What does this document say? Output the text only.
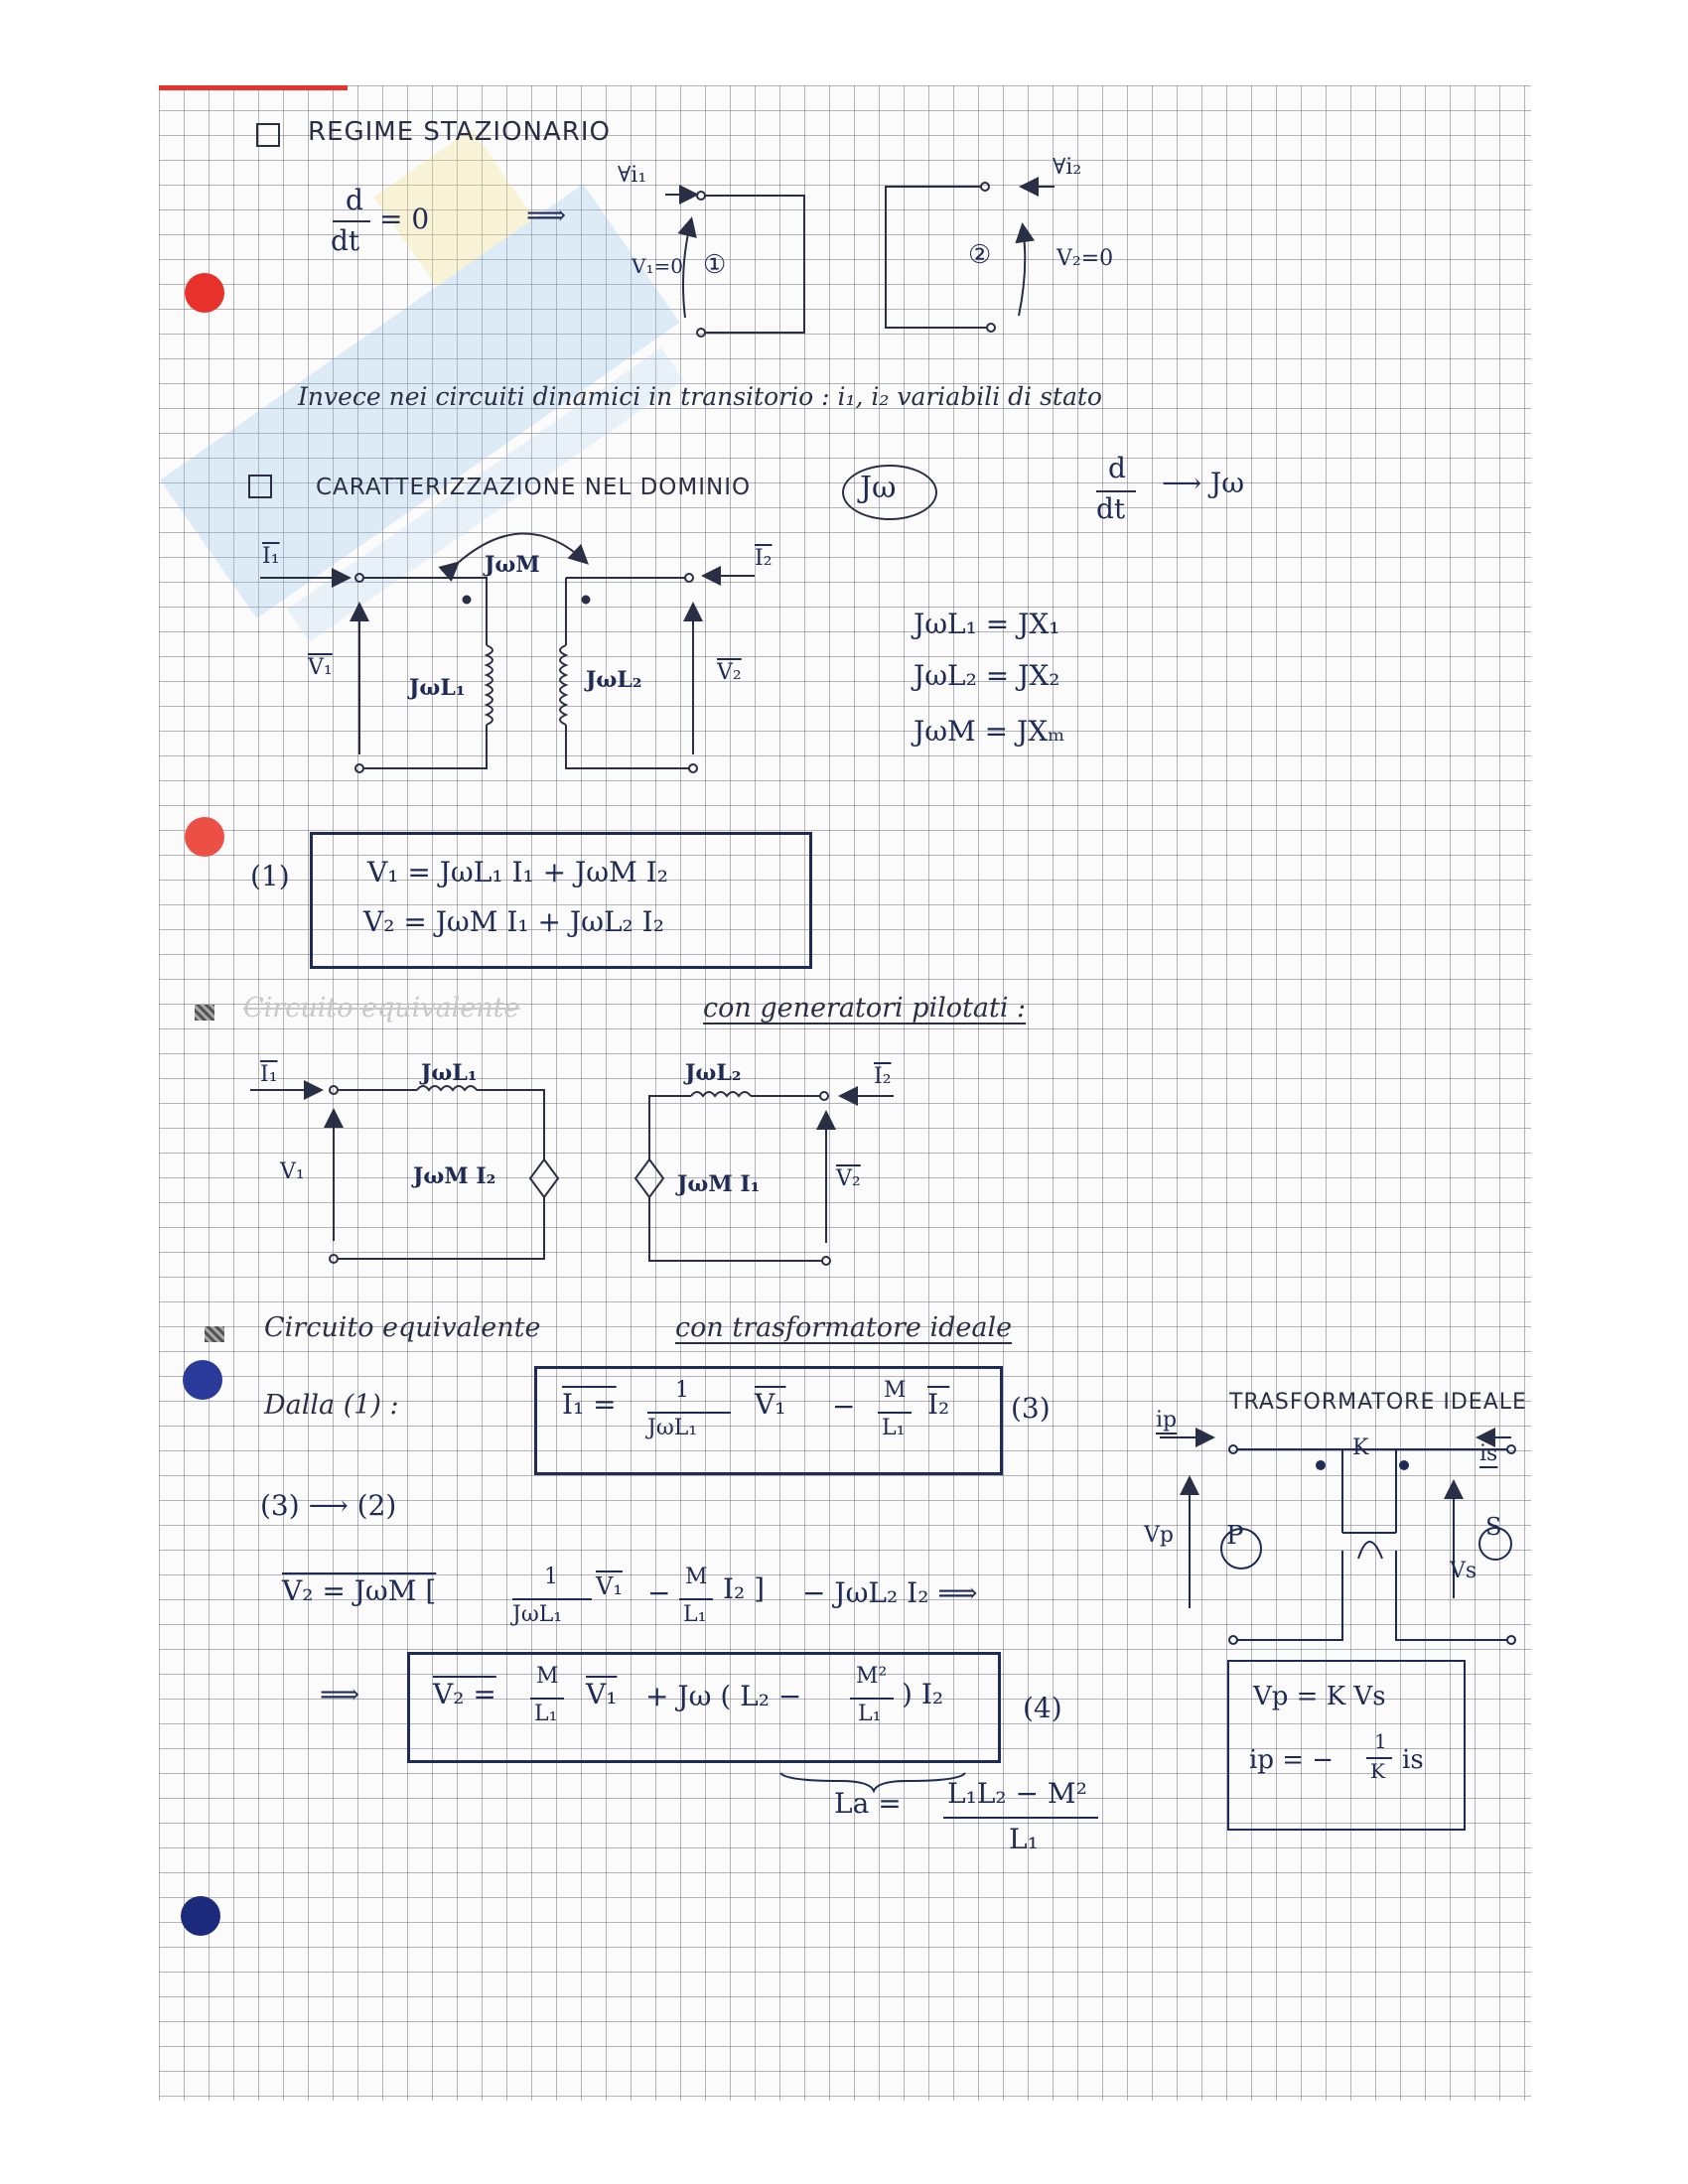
REGIME STAZIONARIO
d
dt
= 0	⟹
∀i₁
V₁=0 ①
∀i₂
②	V₂=0
Invece nei circuiti dinamici in transitorio : i₁, i₂ variabili di stato
CARATTERIZZAZIONE NEL DOMINIO	Jω
d
dt
⟶ Jω
I₁	I₂
V₁	V₂
JωM
JωL₁	JωL₂
JωL₁ = JX₁
JωL₂ = JX₂
JωM = JXₘ
(1)	V₁ = JωL₁ I₁ + JωM I₂
V₂ = JωM I₁ + JωL₂ I₂
Circuito equivalente	con generatori pilotati :
I₁	I₂
V₁	V₂
JωL₁	JωL₂
JωM I₂	JωM I₁
Circuito equivalente	con trasformatore ideale
Dalla (1) :	I₁ =	1
JωL₁
V₁ − M
L₁
I₂ (3)
(3) ⟶ (2)
V₂ = JωM [	1
JωL₁
V₁ − M
L₁
I₂ ] − JωL₂ I₂ ⟹
⟹	V₂ =
M
L₁
V₁ + Jω ( L₂ −
M²
L₁
) I₂	(4)
La = L₁L₂ − M²
L₁
TRASFORMATORE IDEALE
ip
is
K
Vp
Vs
P	S
Vp = K Vs
ip = −
1
K is
